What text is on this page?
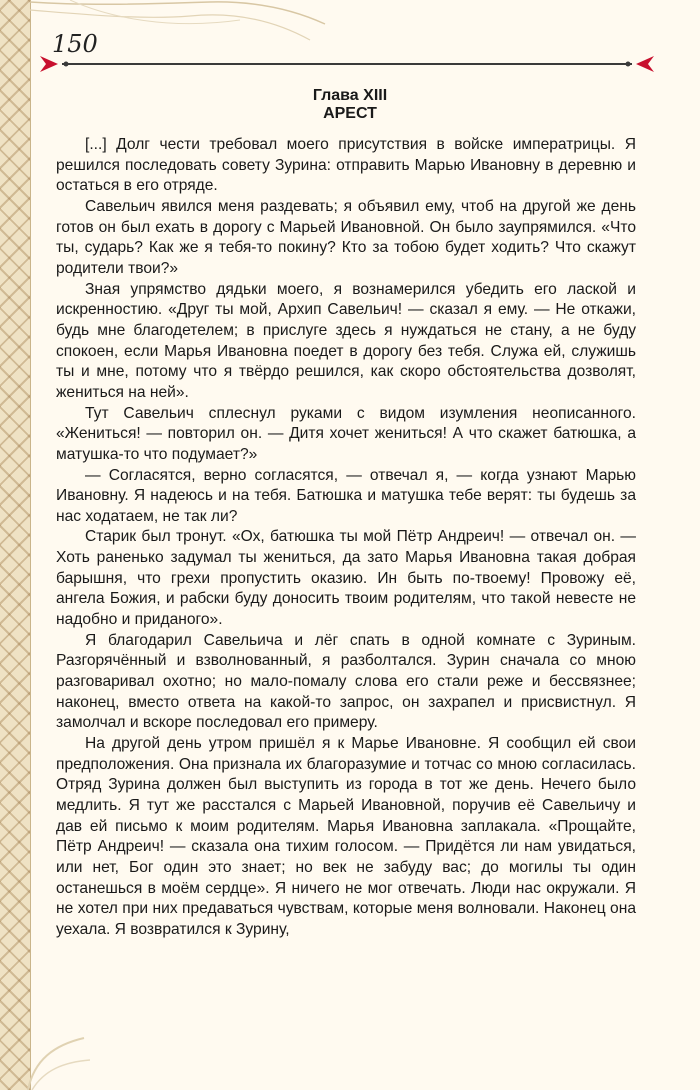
150
Глава XIII
АРЕСТ

[...] Долг чести требовал моего присутствия в войске императрицы. Я решился последовать совету Зурина: отправить Марью Ивановну в деревню и остаться в его отряде.

Савельич явился меня раздевать; я объявил ему, чтоб на другой же день готов он был ехать в дорогу с Марьей Ивановной. Он было заупрямился. «Что ты, сударь? Как же я тебя-то покину? Кто за тобою будет ходить? Что скажут родители твои?»

Зная упрямство дядьки моего, я вознамерился убедить его лаской и искренностию. «Друг ты мой, Архип Савельич! — сказал я ему. — Не откажи, будь мне благодетелем; в прислуге здесь я нуждаться не стану, а не буду спокоен, если Марья Ивановна поедет в дорогу без тебя. Служа ей, служишь ты и мне, потому что я твёрдо решился, как скоро обстоятельства дозволят, жениться на ней».

Тут Савельич сплеснул руками с видом изумления неописанного. «Жениться! — повторил он. — Дитя хочет жениться! А что скажет батюшка, а матушка-то что подумает?»

— Согласятся, верно согласятся, — отвечал я, — когда узнают Марью Ивановну. Я надеюсь и на тебя. Батюшка и матушка тебе верят: ты будешь за нас ходатаем, не так ли?

Старик был тронут. «Ох, батюшка ты мой Пётр Андреич! — отвечал он. — Хоть раненько задумал ты жениться, да зато Марья Ивановна такая добрая барышня, что грехи пропустить оказию. Ин быть по-твоему! Провожу её, ангела Божия, и рабски буду доносить твоим родителям, что такой невесте не надобно и приданого».

Я благодарил Савельича и лёг спать в одной комнате с Зуриным. Разгорячённый и взволнованный, я разболтался. Зурин сначала со мною разговаривал охотно; но мало-помалу слова его стали реже и бессвязнее; наконец, вместо ответа на какой-то запрос, он захрапел и присвистнул. Я замолчал и вскоре последовал его примеру.

На другой день утром пришёл я к Марье Ивановне. Я сообщил ей свои предположения. Она признала их благоразумие и тотчас со мною согласилась. Отряд Зурина должен был выступить из города в тот же день. Нечего было медлить. Я тут же расстался с Марьей Ивановной, поручив её Савельичу и дав ей письмо к моим родителям. Марья Ивановна заплакала. «Прощайте, Пётр Андреич! — сказала она тихим голосом. — Придётся ли нам увидаться, или нет, Бог один это знает; но век не забуду вас; до могилы ты один останешься в моём сердце». Я ничего не мог отвечать. Люди нас окружали. Я не хотел при них предаваться чувствам, которые меня волновали. Наконец она уехала. Я возвратился к Зурину,
